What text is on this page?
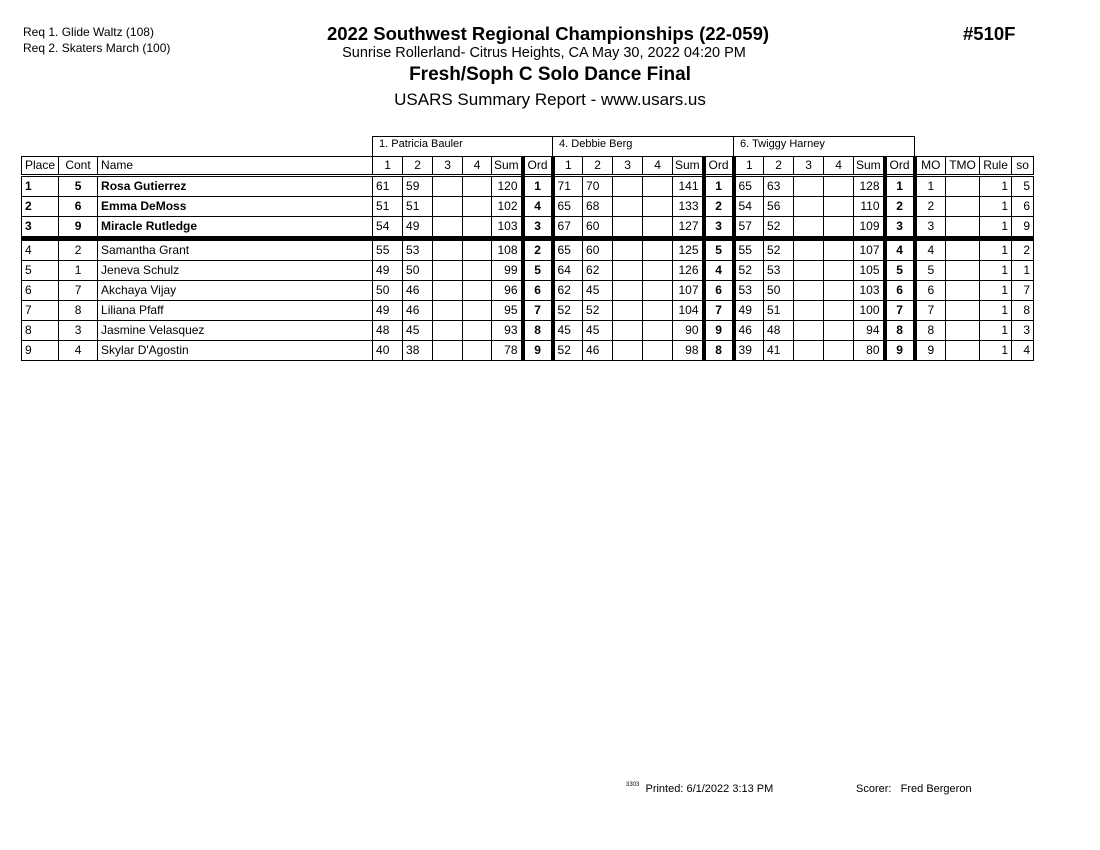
Req 1. Glide Waltz (108)
Req 2. Skaters March (100)
2022 Southwest Regional Championships (22-059)
Sunrise Rollerland- Citrus Heights, CA May 30, 2022 04:20 PM
Fresh/Soph C Solo Dance Final
USARS Summary Report - www.usars.us
#510F
			1. Patricia Bauler						4. Debbie Berg						6. Twiggy Harney									
Place	Cont	Name	1	2	3	4	Sum	Ord	1	2	3	4	Sum	Ord	1	2	3	4	Sum	Ord	MO	TMO	Rule	so
1	5	Rosa Gutierrez	61	59			120	1	71	70			141	1	65	63			128	1	1		1	5
2	6	Emma DeMoss	51	51			102	4	65	68			133	2	54	56			110	2	2		1	6
3	9	Miracle Rutledge	54	49			103	3	67	60			127	3	57	52			109	3	3		1	9
4	2	Samantha Grant	55	53			108	2	65	60			125	5	55	52			107	4	4		1	2
5	1	Jeneva Schulz	49	50			99	5	64	62			126	4	52	53			105	5	5		1	1
6	7	Akchaya Vijay	50	46			96	6	62	45			107	6	53	50			103	6	6		1	7
7	8	Liliana Pfaff	49	46			95	7	52	52			104	7	49	51			100	7	7		1	8
8	3	Jasmine Velasquez	48	45			93	8	45	45			90	9	46	48			94	8	8		1	3
9	4	Skylar D'Agostin	40	38			78	9	52	46			98	8	39	41			80	9	9		1	4
$^{3303}$ Printed: 6/1/2022 3:13 PM	Scorer: Fred Bergeron
